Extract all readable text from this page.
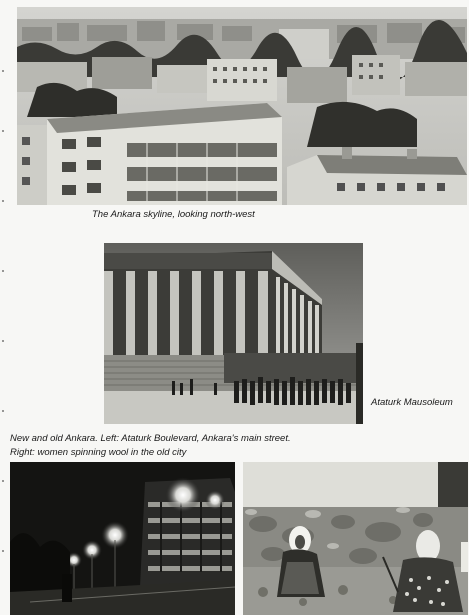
The Ankara skyline, looking north-west
Ataturk Mausoleum
New and old Ankara. Left: Ataturk Boulevard, Ankara's main street.
Right: women spinning wool in the old city
